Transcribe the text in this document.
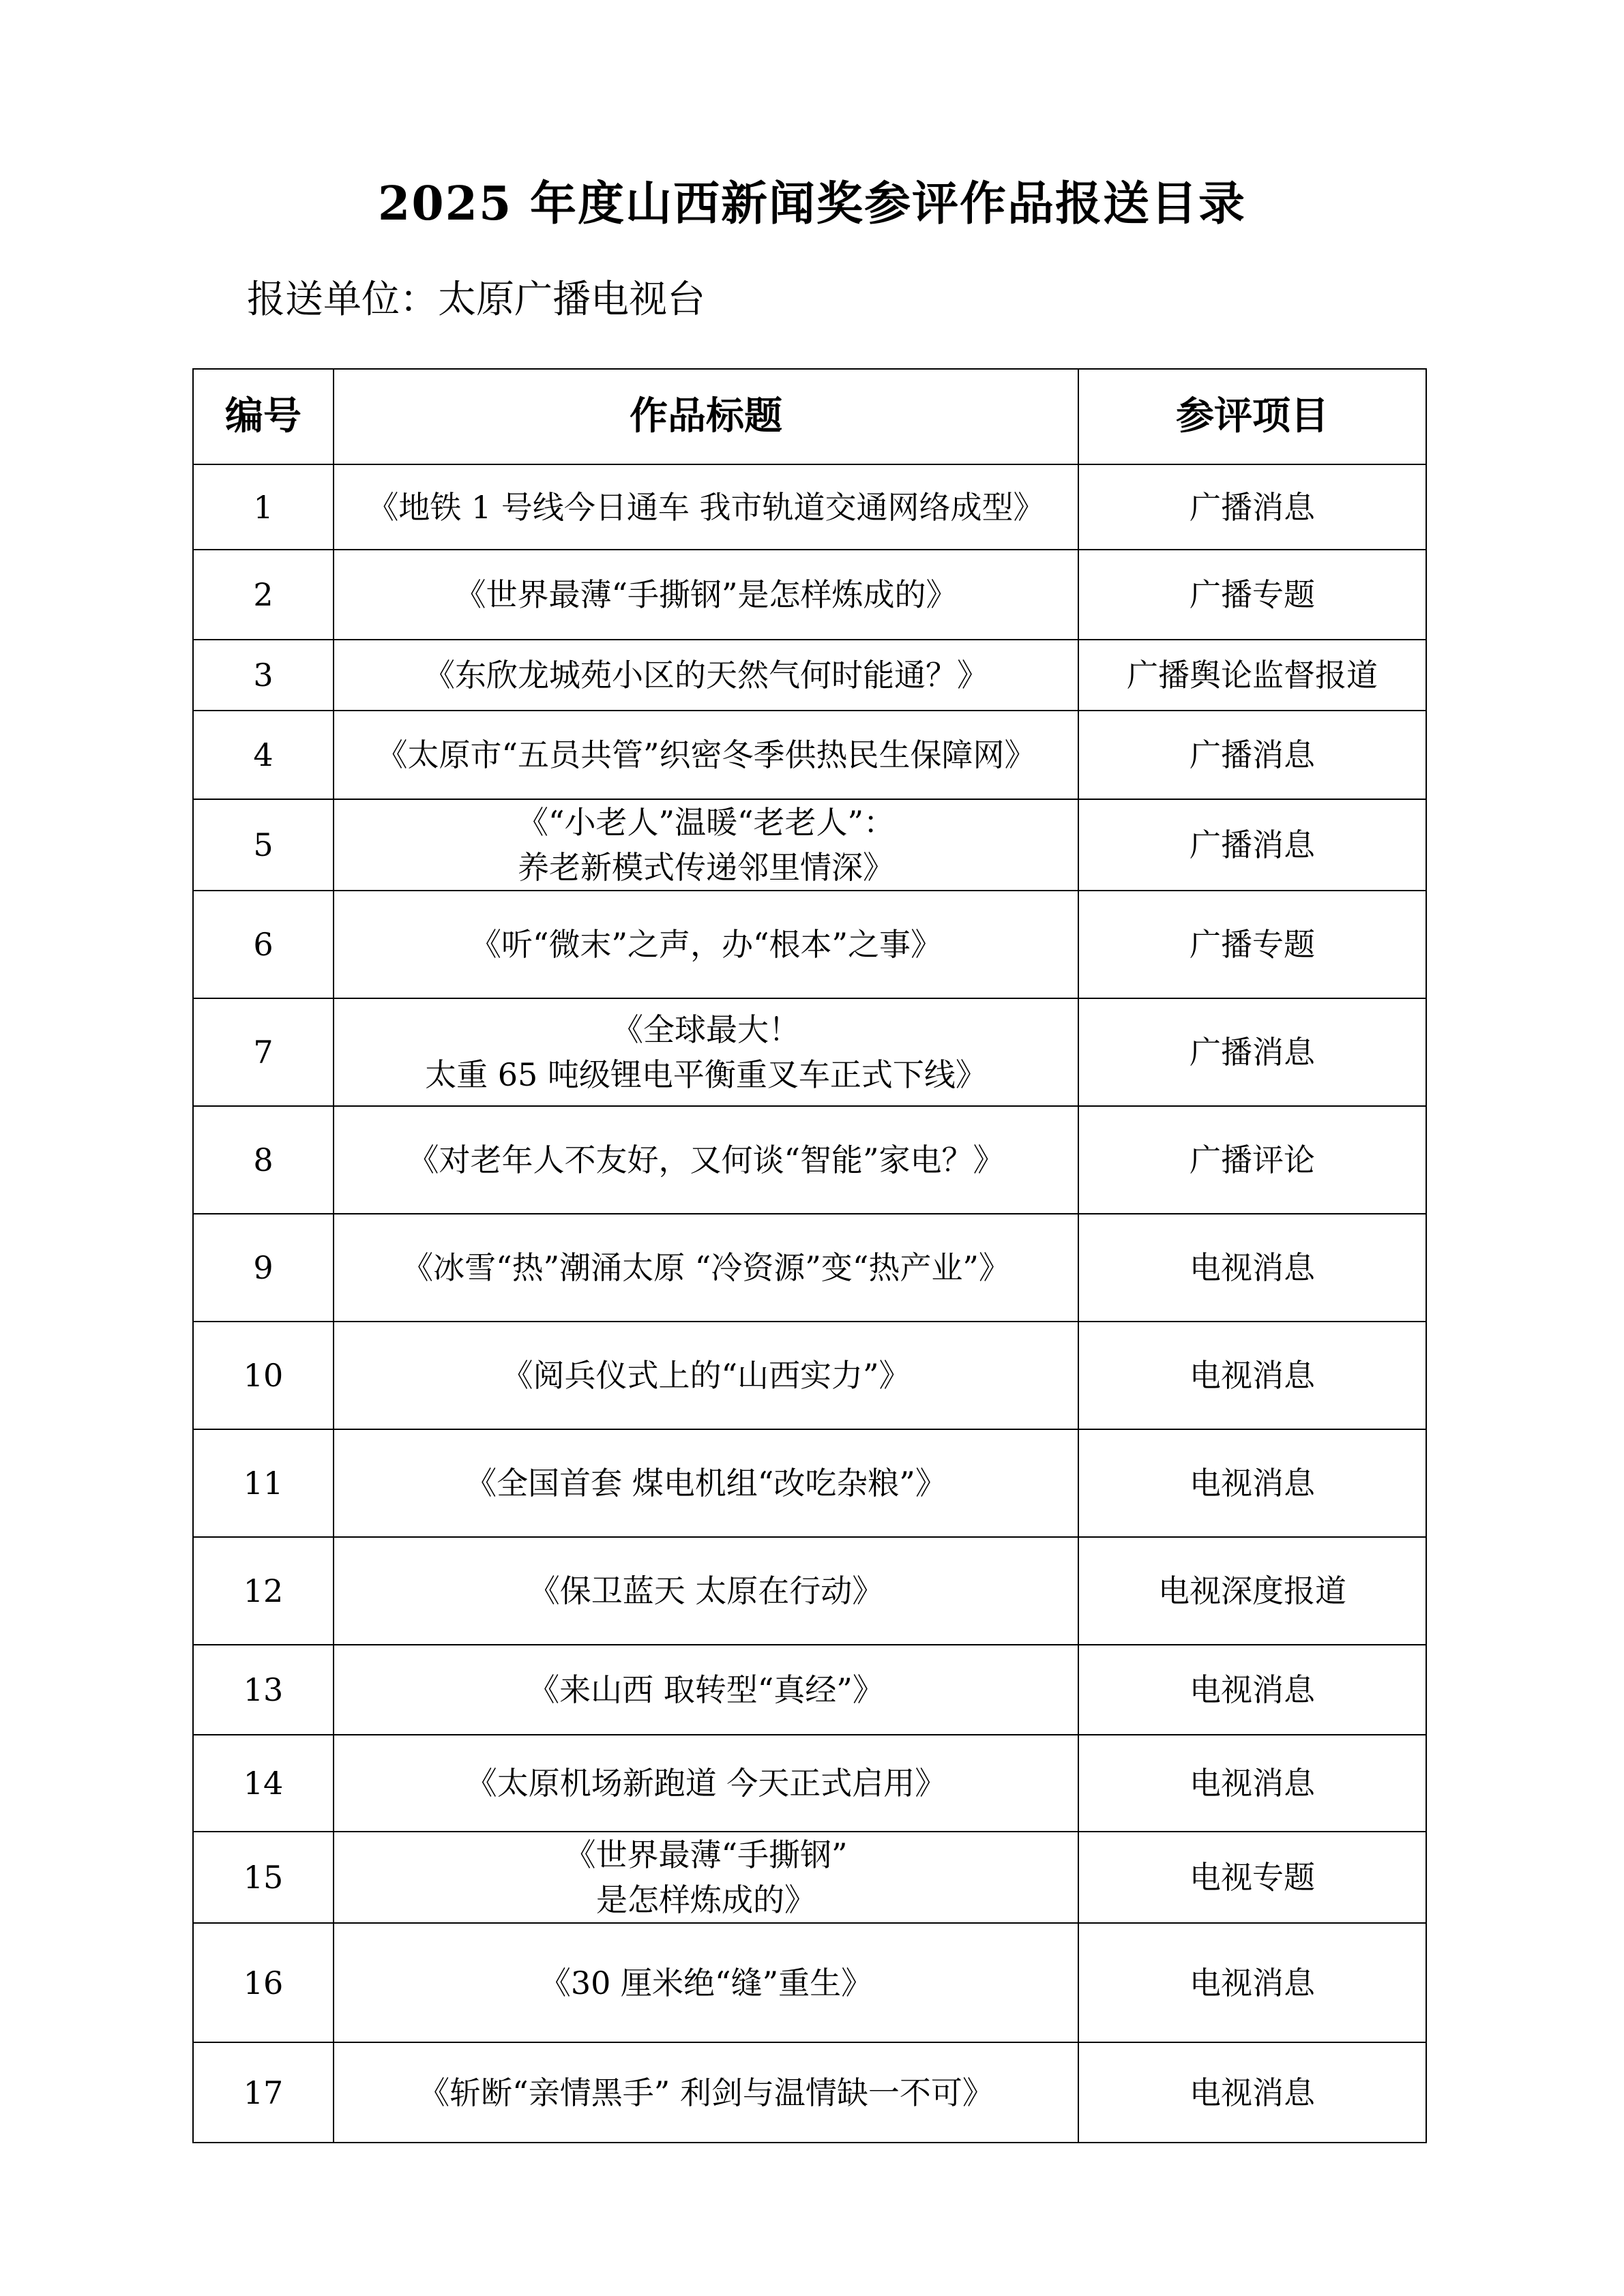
2025 年度山西新闻奖参评作品报送目录
报送单位：太原广播电视台
编号	作品标题	参评项目
1	《地铁 1 号线今日通车 我市轨道交通网络成型》	广播消息
2	《世界最薄“手撕钢”是怎样炼成的》	广播专题
3	《东欣龙城苑小区的天然气何时能通？》	广播舆论监督报道
4	《太原市“五员共管”织密冬季供热民生保障网》	广播消息
5	《“小老人”温暖“老老人”：
养老新模式传递邻里情深》	广播消息
6	《听“微末”之声，办“根本”之事》	广播专题
7	《全球最大！
太重 65 吨级锂电平衡重叉车正式下线》	广播消息
8	《对老年人不友好，又何谈“智能”家电？》	广播评论
9	《冰雪“热”潮涌太原 “冷资源”变“热产业”》	电视消息
10	《阅兵仪式上的“山西实力”》	电视消息
11	《全国首套 煤电机组“改吃杂粮”》	电视消息
12	《保卫蓝天 太原在行动》	电视深度报道
13	《来山西 取转型“真经”》	电视消息
14	《太原机场新跑道 今天正式启用》	电视消息
15	《世界最薄“手撕钢”
是怎样炼成的》	电视专题
16	《30 厘米绝“缝”重生》	电视消息
17	《斩断“亲情黑手” 利剑与温情缺一不可》	电视消息
